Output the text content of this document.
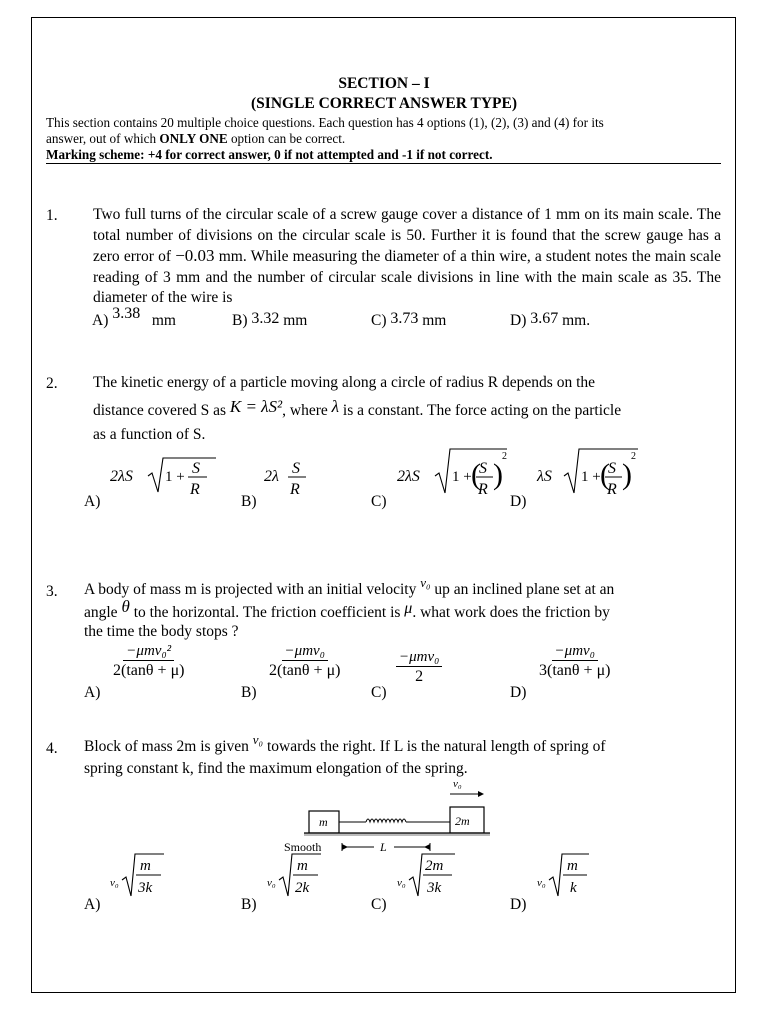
SECTION – I
(SINGLE CORRECT ANSWER TYPE)
This section contains 20 multiple choice questions. Each question has 4 options (1), (2), (3) and (4) for its
answer, out of which ONLY ONE option can be correct.
Marking scheme: +4 for correct answer, 0 if not attempted and -1 if not correct.
1. Two full turns of the circular scale of a screw gauge cover a distance of 1 mm on its main scale. The total number of divisions on the circular scale is 50. Further it is found that the screw gauge has a zero error of −0.03 mm. While measuring the diameter of a thin wire, a student notes the main scale reading of 3 mm and the number of circular scale divisions in line with the main scale as 35. The diameter of the wire is
A) 3.38 mm	B) 3.32 mm	C) 3.73 mm	D) 3.67 mm.
2. The kinetic energy of a particle moving along a circle of radius R depends on the
distance covered S as K = λS², where λ is a constant. The force acting on the particle
as a function of S.
2λS 1 + S
R
A)
2λ S
R
B)
2λS 1 + (
S
R )
2
C)
λS 1 + (
S
R )
2
D)
3. A body of mass m is projected with an initial velocity $^{v_0}$ up an inclined plane set at an
angle θ to the horizontal. The friction coefficient is μ. what work does the friction by
the time the body stops ?
$\frac{\text{−μmv₀²}}{2(\tan\theta + \mu)}$
A)
$\frac{\text{−μmv₀}}{2(\tan\theta + \mu)}$
B)
$\frac{\text{−μmv₀}}{2}$
C)
$\frac{\text{−μmv₀}}{3(\tan\theta + \mu)}$
D)
4. Block of mass 2m is given $^{v_0}$ towards the right. If L is the natural length of spring of
spring constant k, find the maximum elongation of the spring.
v₀
m	2m
Smooth	L
v₀
m
3k
A)
v₀
m
2k
B)
v₀
2m
3k
C)
v₀
m
k
D)
